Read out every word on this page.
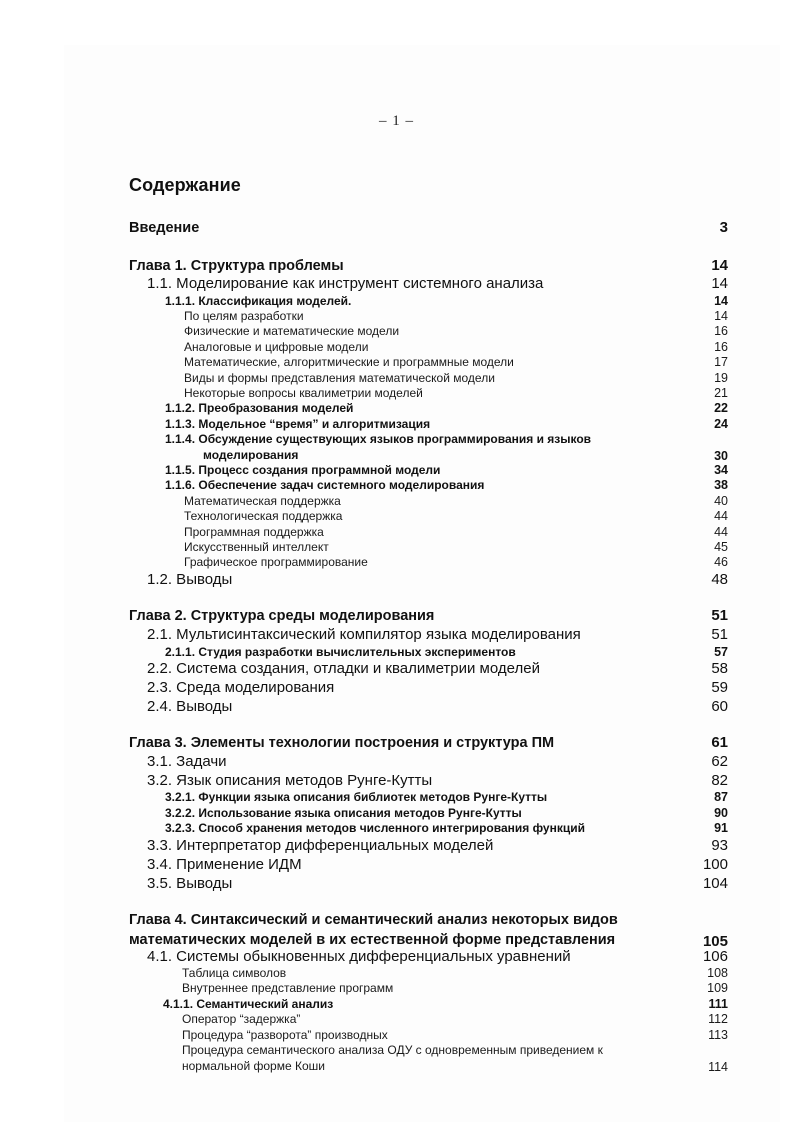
– 1 –
Содержание
Введение	3
Глава 1. Структура проблемы	14
1.1. Моделирование как инструмент системного анализа	14
1.1.1. Классификация моделей.	14
По целям разработки	14
Физические и математические модели	16
Аналоговые и цифровые модели	16
Математические, алгоритмические и программные модели	17
Виды и формы представления математической модели	19
Некоторые вопросы квалиметрии моделей	21
1.1.2. Преобразования моделей	22
1.1.3. Модельное “время” и алгоритмизация	24
1.1.4. Обсуждение существующих языков программирования и языков
моделирования	30
1.1.5. Процесс создания программной модели	34
1.1.6. Обеспечение задач системного моделирования	38
Математическая поддержка	40
Технологическая поддержка	44
Программная поддержка	44
Искусственный интеллект	45
Графическое программирование	46
1.2. Выводы	48
Глава 2. Структура среды моделирования	51
2.1. Мультисинтаксический компилятор языка моделирования	51
2.1.1. Студия разработки вычислительных экспериментов	57
2.2. Система создания, отладки и квалиметрии моделей	58
2.3. Среда моделирования	59
2.4. Выводы	60
Глава 3. Элементы технологии построения и структура ПМ	61
3.1. Задачи	62
3.2. Язык описания методов Рунге-Кутты	82
3.2.1. Функции языка описания библиотек методов Рунге-Кутты	87
3.2.2. Использование языка описания методов Рунге-Кутты	90
3.2.3. Способ хранения методов численного интегрирования функций	91
3.3. Интерпретатор дифференциальных моделей	93
3.4. Применение ИДМ	100
3.5. Выводы	104
Глава 4. Синтаксический и семантический анализ некоторых видов
математических моделей в их естественной форме представления	105
4.1. Системы обыкновенных дифференциальных уравнений	106
Таблица символов	108
Внутреннее представление программ	109
4.1.1. Семантический анализ	111
Оператор “задержка”	112
Процедура “разворота” производных	113
Процедура семантического анализа ОДУ с одновременным приведением к
нормальной форме Коши	114
